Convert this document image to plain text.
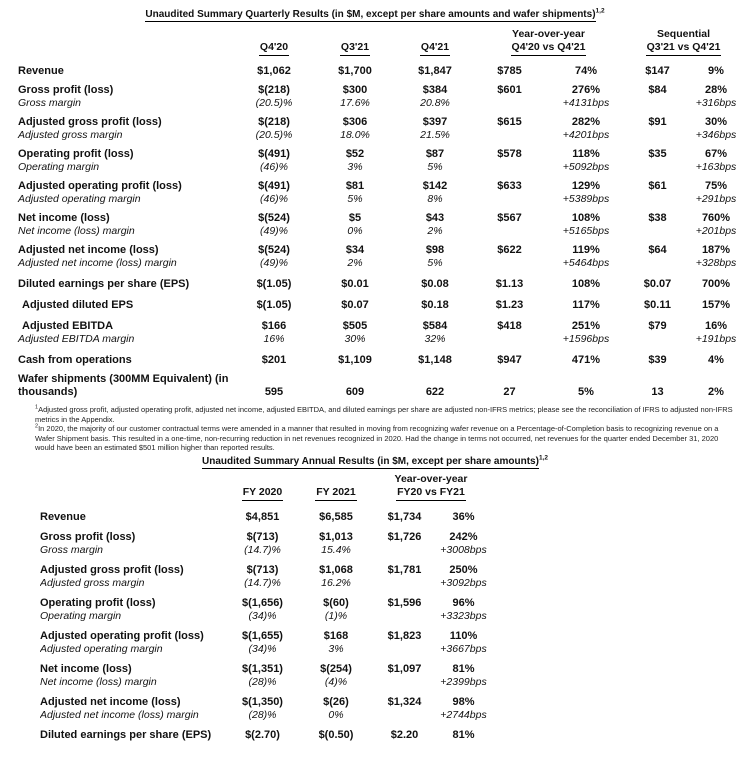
Unaudited Summary Quarterly Results (in $M, except per share amounts and wafer shipments)$^{1,2}$
				Year-over-year		Sequential	
	Q4'20	Q3'21	Q4'21	Q4'20 vs Q4'21		Q3'21 vs Q4'21	
Revenue	$1,062	$1,700	$1,847	$785	74%	$147	9%
Gross profit (loss)	$(218)	$300	$384	$601	276%	$84	28%
Gross margin	(20.5)%	17.6%	20.8%		+4131bps		+316bps
Adjusted gross profit (loss)	$(218)	$306	$397	$615	282%	$91	30%
Adjusted gross margin	(20.5)%	18.0%	21.5%		+4201bps		+346bps
Operating profit (loss)	$(491)	$52	$87	$578	118%	$35	67%
Operating margin	(46)%	3%	5%		+5092bps		+163bps
Adjusted operating profit (loss)	$(491)	$81	$142	$633	129%	$61	75%
Adjusted operating margin	(46)%	5%	8%		+5389bps		+291bps
Net income (loss)	$(524)	$5	$43	$567	108%	$38	760%
Net income (loss) margin	(49)%	0%	2%		+5165bps		+201bps
Adjusted net income (loss)	$(524)	$34	$98	$622	119%	$64	187%
Adjusted net income (loss) margin	(49)%	2%	5%		+5464bps		+328bps
Diluted earnings per share (EPS)	$(1.05)	$0.01	$0.08	$1.13	108%	$0.07	700%
Adjusted diluted EPS	$(1.05)	$0.07	$0.18	$1.23	117%	$0.11	157%
Adjusted EBITDA	$166	$505	$584	$418	251%	$79	16%
Adjusted EBITDA margin	16%	30%	32%		+1596bps		+191bps
Cash from operations	$201	$1,109	$1,148	$947	471%	$39	4%
Wafer shipments (300MM Equivalent) (in thousands)	595	609	622	27	5%	13	2%

$^1$Adjusted gross profit, adjusted operating profit, adjusted net income, adjusted EBITDA, and diluted earnings per share are adjusted non-IFRS metrics; please see the reconciliation of IFRS to adjusted non-IFRS metrics in the Appendix.

$^2$In 2020, the majority of our customer contractual terms were amended in a manner that resulted in moving from recognizing wafer revenue on a Percentage-of-Completion basis to recognizing revenue on a Wafer Shipment basis. This resulted in a one-time, non-recurring reduction in net revenues recognized in 2020. Had the change in terms not occurred, net revenues for the quarter ended December 31, 2020 would have been an estimated $501 million higher than reported results.

Unaudited Summary Annual Results (in $M, except per share amounts)$^{1,2}$
			Year-over-year	
	FY 2020	FY 2021	FY20 vs FY21	
Revenue	$4,851	$6,585	$1,734	36%
Gross profit (loss)	$(713)	$1,013	$1,726	242%
Gross margin	(14.7)%	15.4%		+3008bps
Adjusted gross profit (loss)	$(713)	$1,068	$1,781	250%
Adjusted gross margin	(14.7)%	16.2%		+3092bps
Operating profit (loss)	$(1,656)	$(60)	$1,596	96%
Operating margin	(34)%	(1)%		+3323bps
Adjusted operating profit (loss)	$(1,655)	$168	$1,823	110%
Adjusted operating margin	(34)%	3%		+3667bps
Net income (loss)	$(1,351)	$(254)	$1,097	81%
Net income (loss) margin	(28)%	(4)%		+2399bps
Adjusted net income (loss)	$(1,350)	$(26)	$1,324	98%
Adjusted net income (loss) margin	(28)%	0%		+2744bps
Diluted earnings per share (EPS)	$(2.70)	$(0.50)	$2.20	81%
